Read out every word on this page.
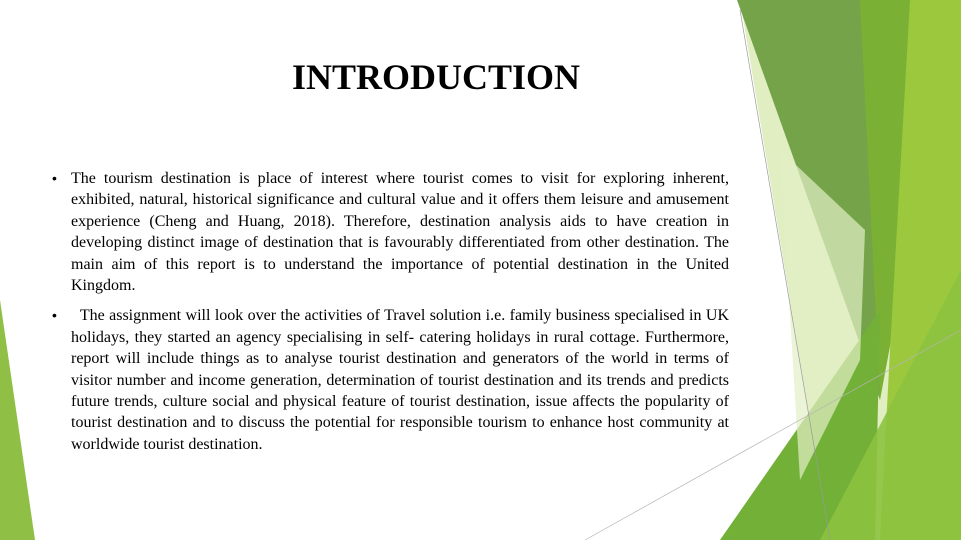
INTRODUCTION

• The tourism destination is place of interest where tourist comes to visit for exploring inherent, exhibited, natural, historical significance and cultural value and it offers them leisure and amusement experience (Cheng and Huang, 2018). Therefore, destination analysis aids to have creation in developing distinct image of destination that is favourably differentiated from other destination. The main aim of this report is to understand the importance of potential destination in the United Kingdom.

• The assignment will look over the activities of Travel solution i.e. family business specialised in UK holidays, they started an agency specialising in self- catering holidays in rural cottage. Furthermore, report will include things as to analyse tourist destination and generators of the world in terms of visitor number and income generation, determination of tourist destination and its trends and predicts future trends, culture social and physical feature of tourist destination, issue affects the popularity of tourist destination and to discuss the potential for responsible tourism to enhance host community at worldwide tourist destination.
